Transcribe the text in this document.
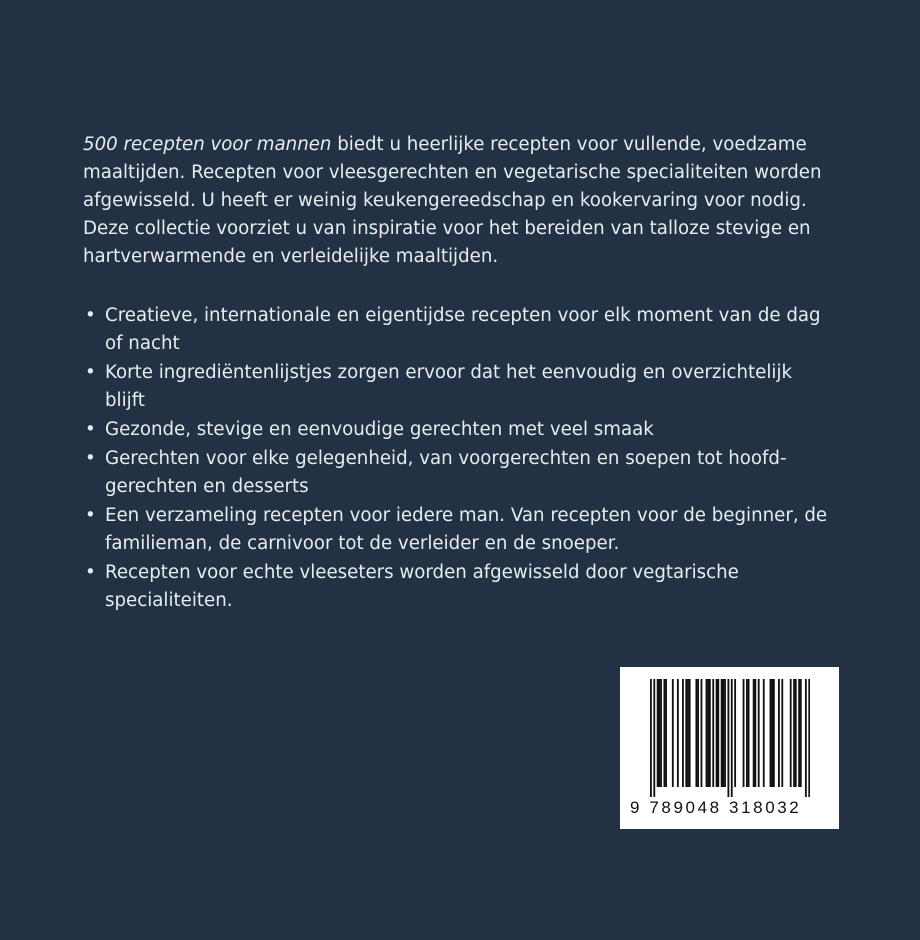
500 recepten voor mannen biedt u heerlijke recepten voor vullende, voedzame maaltijden. Recepten voor vleesgerechten en vegetarische specialiteiten worden afgewisseld. U heeft er weinig keukengereedschap en kookervaring voor nodig. Deze collectie voorziet u van inspiratie voor het bereiden van talloze stevige en hartverwarmende en verleidelijke maaltijden.

• Creatieve, internationale en eigentijdse recepten voor elk moment van de dag of nacht
• Korte ingrediëntenlijstjes zorgen ervoor dat het eenvoudig en overzichtelijk blijft
• Gezonde, stevige en eenvoudige gerechten met veel smaak
• Gerechten voor elke gelegenheid, van voorgerechten en soepen tot hoofd-gerechten en desserts
• Een verzameling recepten voor iedere man. Van recepten voor de beginner, de familieman, de carnivoor tot de verleider en de snoeper.
• Recepten voor echte vleeseters worden afgewisseld door vegtarische specialiteiten.
9 789048 318032
